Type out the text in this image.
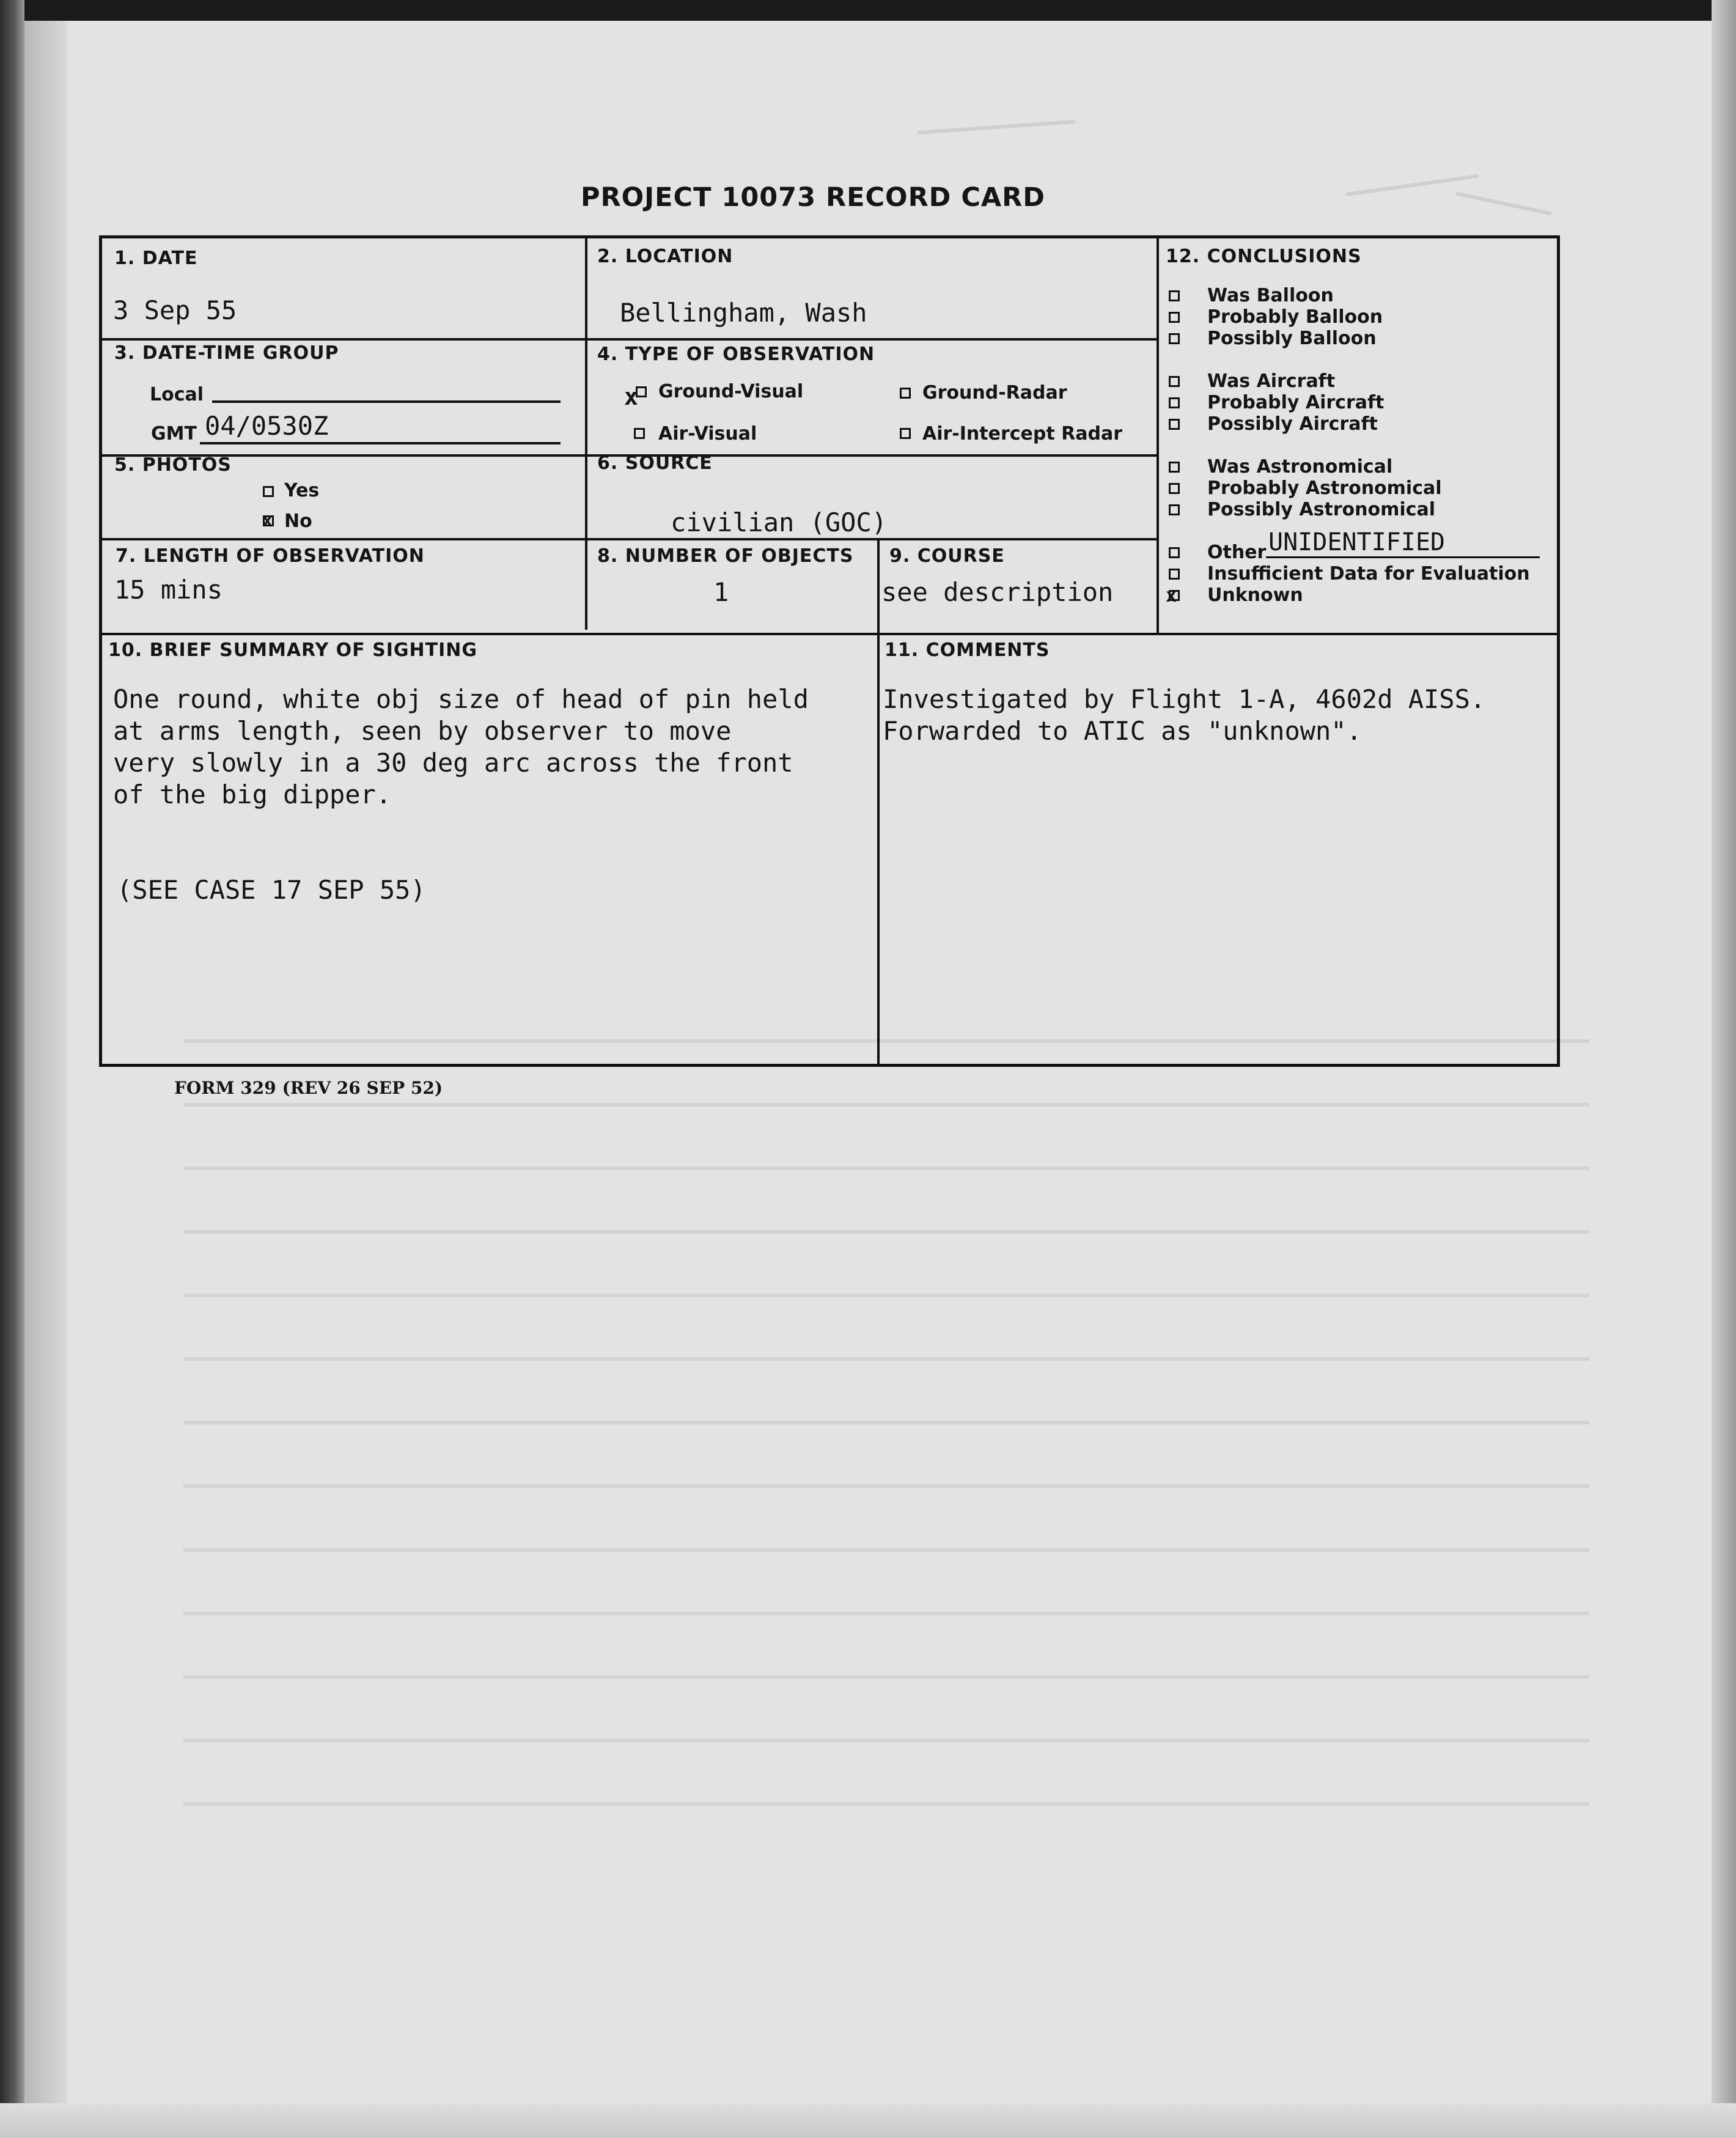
PROJECT 10073 RECORD CARD
1. DATE
3 Sep 55
2. LOCATION
Bellingham, Wash
3. DATE-TIME GROUP
Local
GMT 04/0530Z
4. TYPE OF OBSERVATION
x Ground-Visual	Ground-Radar
Air-Visual	Air-Intercept Radar
5. PHOTOS
Yes
x No
6. SOURCE
civilian (GOC)
7. LENGTH OF OBSERVATION
15 mins
8. NUMBER OF OBJECTS
1
9. COURSE
see description
10. BRIEF SUMMARY OF SIGHTING
One round, white obj size of head of pin held
at arms length, seen by observer to move
very slowly in a 30 deg arc across the front
of the big dipper.
(SEE CASE 17 SEP 55)
11. COMMENTS
Investigated by Flight 1-A, 4602d AISS.
Forwarded to ATIC as "unknown".
12. CONCLUSIONS
Was Balloon
Probably Balloon
Possibly Balloon
Was Aircraft
Probably Aircraft
Possibly Aircraft
Was Astronomical
Probably Astronomical
Possibly Astronomical
Other UNIDENTIFIED
Insufficient Data for Evaluation
x Unknown
FORM 329 (REV 26 SEP 52)
